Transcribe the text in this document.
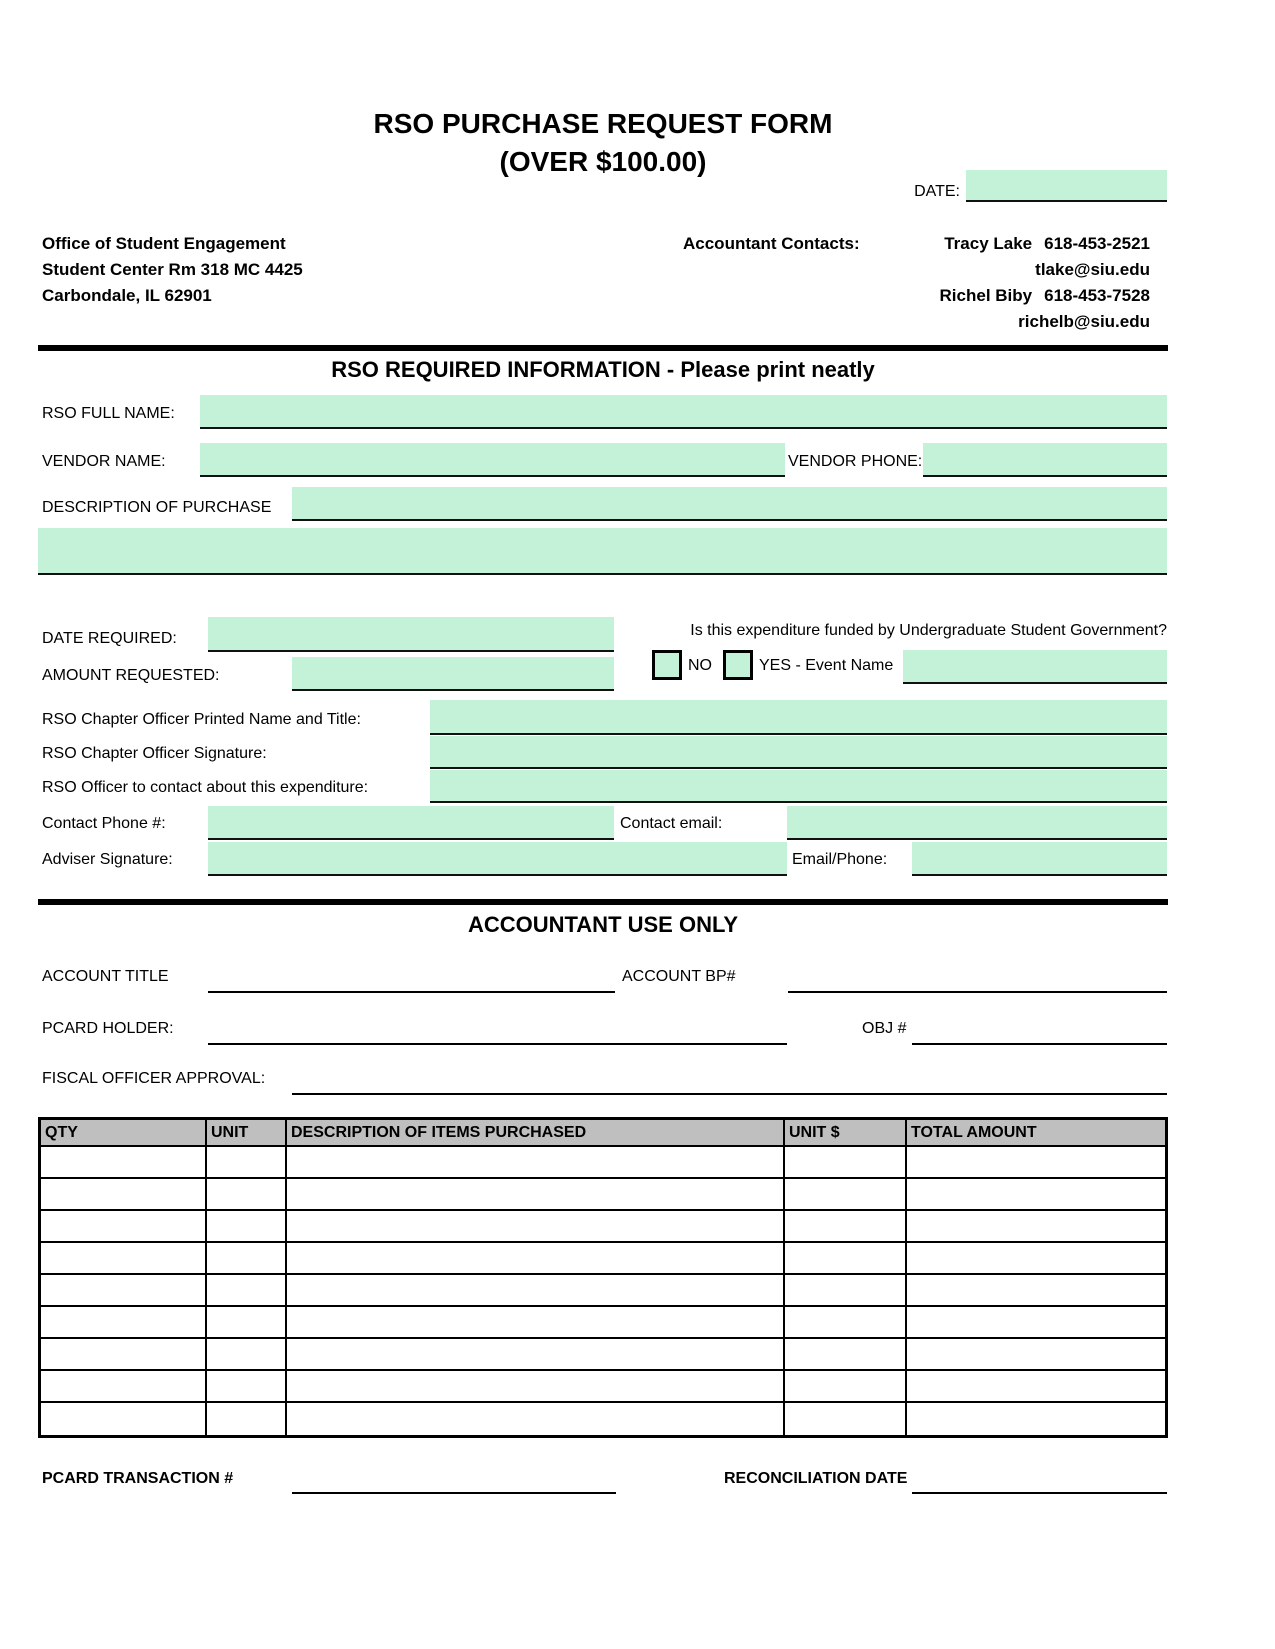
RSO PURCHASE REQUEST FORM
(OVER $100.00)
DATE:
Office of Student Engagement
Student Center Rm 318 MC 4425
Carbondale, IL 62901
Accountant Contacts:	Tracy Lake 618-453-2521
tlake@siu.edu
Richel Biby 618-453-7528
richelb@siu.edu
RSO REQUIRED INFORMATION - Please print neatly
RSO FULL NAME:
VENDOR NAME:	VENDOR PHONE:
DESCRIPTION OF PURCHASE
DATE REQUIRED:	Is this expenditure funded by Undergraduate Student Government?
AMOUNT REQUESTED:
NO	YES - Event Name
RSO Chapter Officer Printed Name and Title:
RSO Chapter Officer Signature:
RSO Officer to contact about this expenditure:
Contact Phone #:	Contact email:
Adviser Signature:	Email/Phone:
ACCOUNTANT USE ONLY
ACCOUNT TITLE	ACCOUNT BP#
PCARD HOLDER:	OBJ #
FISCAL OFFICER APPROVAL:
QTY	UNIT	DESCRIPTION OF ITEMS PURCHASED	UNIT $	TOTAL AMOUNT
PCARD TRANSACTION #	RECONCILIATION DATE
